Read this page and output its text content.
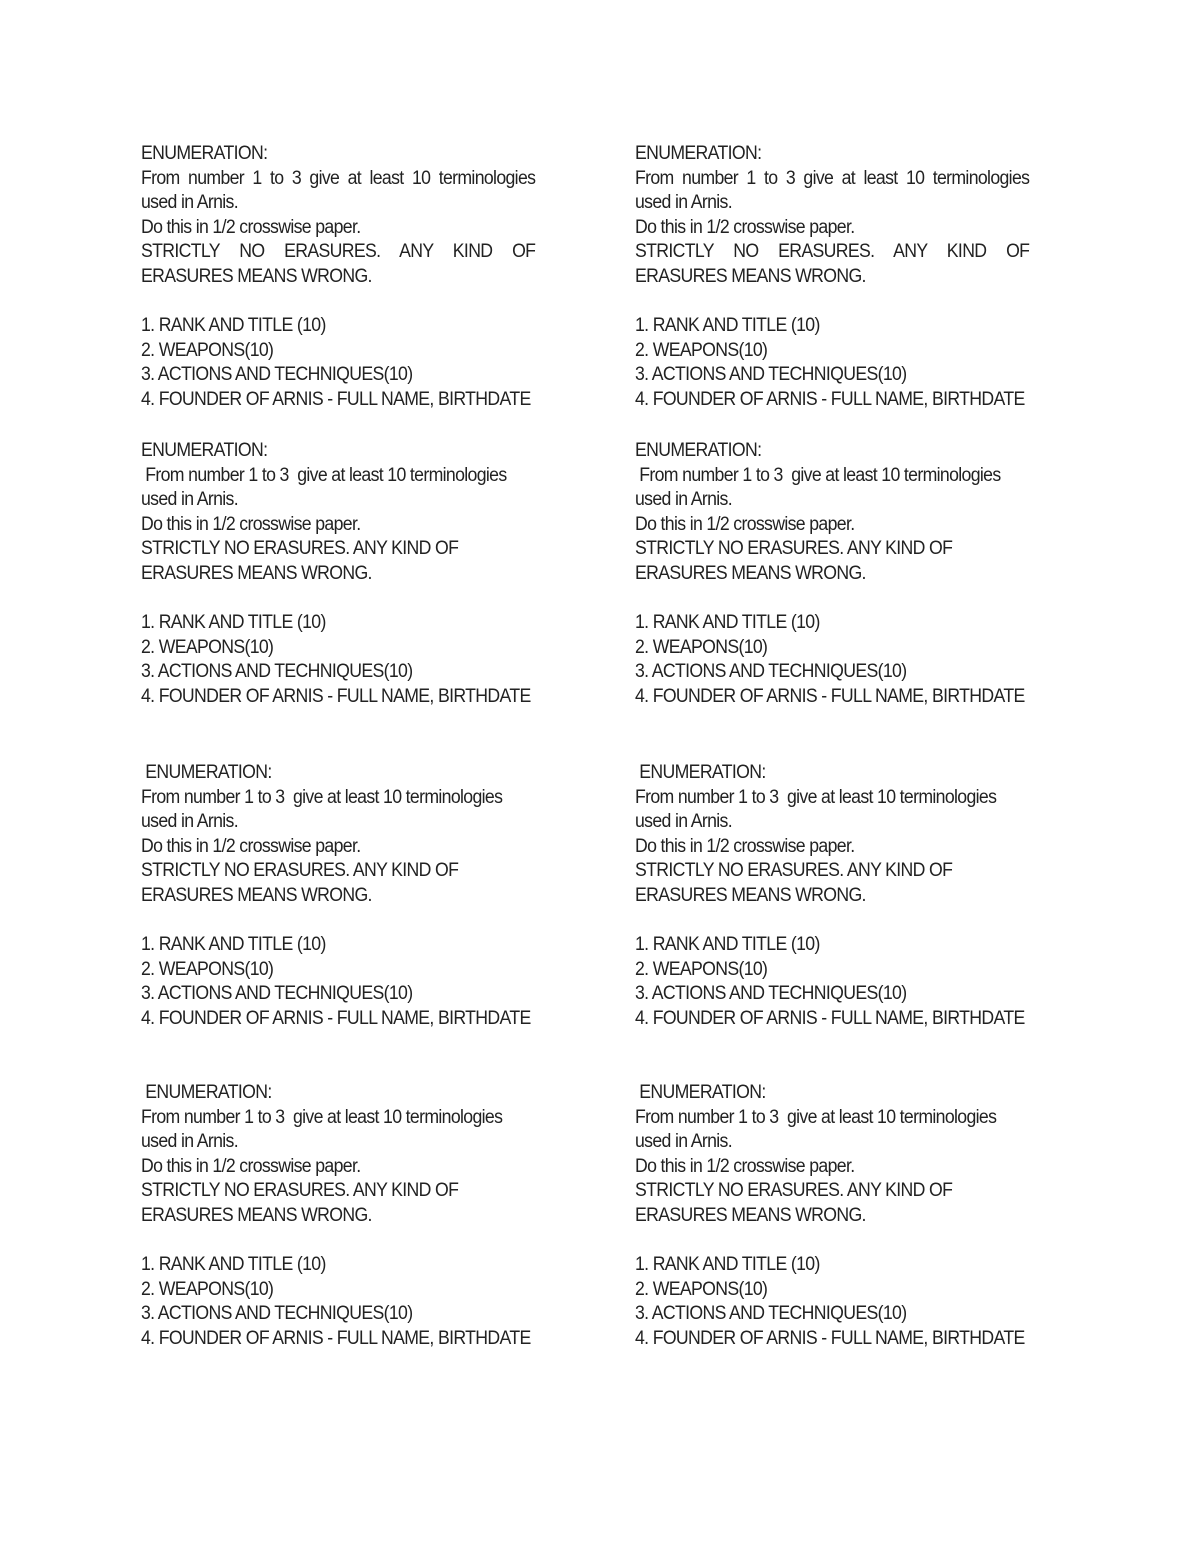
ENUMERATION:
From number 1 to 3 give at least 10 terminologies
used in Arnis.
Do this in 1/2 crosswise paper.
STRICTLY NO ERASURES. ANY KIND OF
ERASURES MEANS WRONG.
1. RANK AND TITLE (10)
2. WEAPONS(10)
3. ACTIONS AND TECHNIQUES(10)
4. FOUNDER OF ARNIS - FULL NAME, BIRTHDATE
ENUMERATION:
From number 1 to 3 give at least 10 terminologies
used in Arnis.
Do this in 1/2 crosswise paper.
STRICTLY NO ERASURES. ANY KIND OF
ERASURES MEANS WRONG.
1. RANK AND TITLE (10)
2. WEAPONS(10)
3. ACTIONS AND TECHNIQUES(10)
4. FOUNDER OF ARNIS - FULL NAME, BIRTHDATE
ENUMERATION:
From number 1 to 3  give at least 10 terminologies
used in Arnis.
Do this in 1/2 crosswise paper.
STRICTLY NO ERASURES. ANY KIND OF
ERASURES MEANS WRONG.
1. RANK AND TITLE (10)
2. WEAPONS(10)
3. ACTIONS AND TECHNIQUES(10)
4. FOUNDER OF ARNIS - FULL NAME, BIRTHDATE
ENUMERATION:
From number 1 to 3  give at least 10 terminologies
used in Arnis.
Do this in 1/2 crosswise paper.
STRICTLY NO ERASURES. ANY KIND OF
ERASURES MEANS WRONG.
1. RANK AND TITLE (10)
2. WEAPONS(10)
3. ACTIONS AND TECHNIQUES(10)
4. FOUNDER OF ARNIS - FULL NAME, BIRTHDATE
ENUMERATION:
From number 1 to 3  give at least 10 terminologies
used in Arnis.
Do this in 1/2 crosswise paper.
STRICTLY NO ERASURES. ANY KIND OF
ERASURES MEANS WRONG.
1. RANK AND TITLE (10)
2. WEAPONS(10)
3. ACTIONS AND TECHNIQUES(10)
4. FOUNDER OF ARNIS - FULL NAME, BIRTHDATE
ENUMERATION:
From number 1 to 3  give at least 10 terminologies
used in Arnis.
Do this in 1/2 crosswise paper.
STRICTLY NO ERASURES. ANY KIND OF
ERASURES MEANS WRONG.
1. RANK AND TITLE (10)
2. WEAPONS(10)
3. ACTIONS AND TECHNIQUES(10)
4. FOUNDER OF ARNIS - FULL NAME, BIRTHDATE
ENUMERATION:
From number 1 to 3  give at least 10 terminologies
used in Arnis.
Do this in 1/2 crosswise paper.
STRICTLY NO ERASURES. ANY KIND OF
ERASURES MEANS WRONG.
1. RANK AND TITLE (10)
2. WEAPONS(10)
3. ACTIONS AND TECHNIQUES(10)
4. FOUNDER OF ARNIS - FULL NAME, BIRTHDATE
ENUMERATION:
From number 1 to 3  give at least 10 terminologies
used in Arnis.
Do this in 1/2 crosswise paper.
STRICTLY NO ERASURES. ANY KIND OF
ERASURES MEANS WRONG.
1. RANK AND TITLE (10)
2. WEAPONS(10)
3. ACTIONS AND TECHNIQUES(10)
4. FOUNDER OF ARNIS - FULL NAME, BIRTHDATE
